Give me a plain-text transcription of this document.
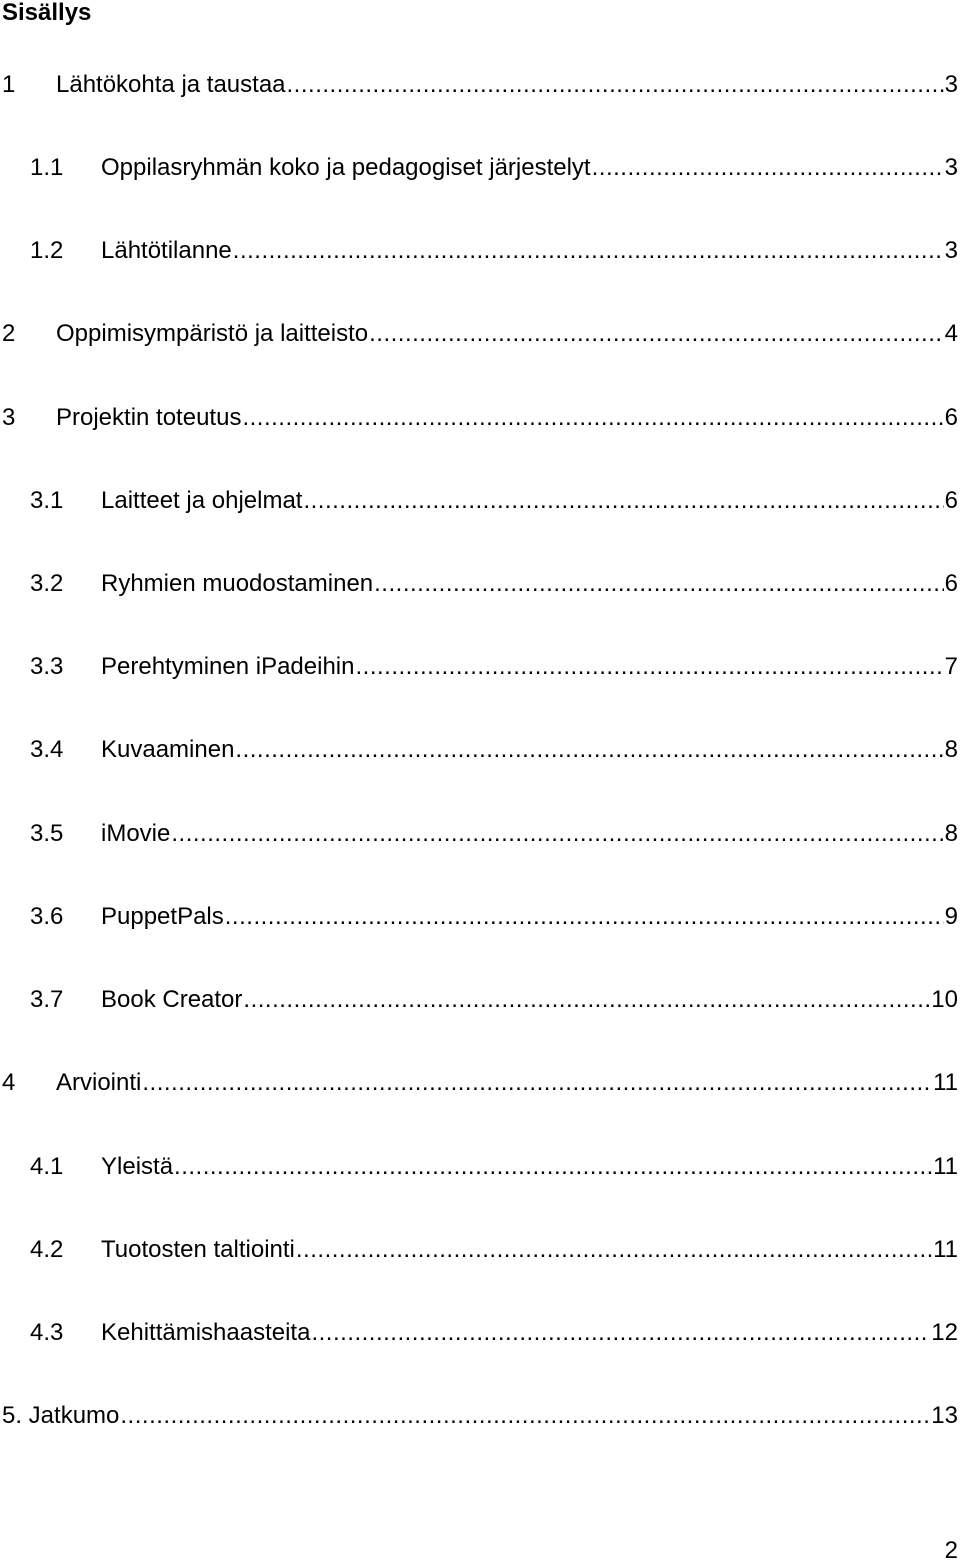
Sisällys
1	Lähtökohta ja taustaa .....	3
1.1	Oppilasryhmän koko ja pedagogiset järjestelyt .....	3
1.2	Lähtötilanne .....	3
2	Oppimisympäristö ja laitteisto .....	4
3	Projektin toteutus .....	6
3.1	Laitteet ja ohjelmat .....	6
3.2	Ryhmien muodostaminen .....	6
3.3	Perehtyminen iPadeihin .....	7
3.4	Kuvaaminen .....	8
3.5	iMovie .....	8
3.6	PuppetPals .....	9
3.7	Book Creator .....	10
4	Arviointi .....	11
4.1	Yleistä .....	11
4.2	Tuotosten taltiointi .....	11
4.3	Kehittämishaasteita .....	12
5. Jatkumo .....	13
2
